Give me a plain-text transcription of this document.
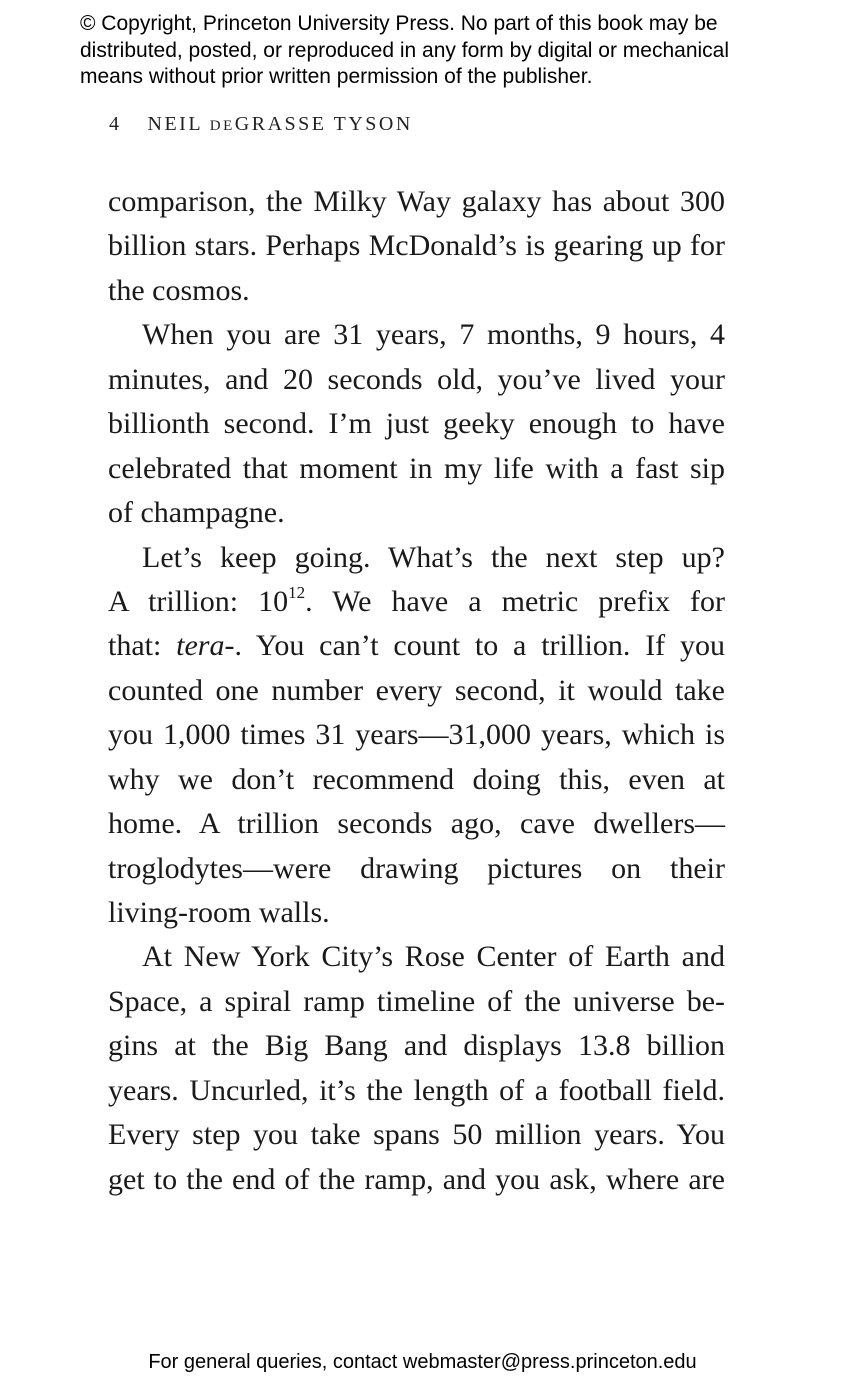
© Copyright, Princeton University Press. No part of this book may be
distributed, posted, or reproduced in any form by digital or mechanical
means without prior written permission of the publisher.
4 NEIL DEGRASSE TYSON
comparison, the Milky Way galaxy has about 300
billion stars. Perhaps McDonald’s is gearing up for
the cosmos.
When you are 31 years, 7 months, 9 hours, 4
minutes, and 20 seconds old, you’ve lived your
billionth second. I’m just geeky enough to have
celebrated that moment in my life with a fast sip
of champagne.
Let’s keep going. What’s the next step up?
A trillion: $10^{12}$. We have a metric prefix for
that: tera-. You can’t count to a trillion. If you
counted one number every second, it would take
you 1,000 times 31 years—31,000 years, which is
why we don’t recommend doing this, even at
home. A trillion seconds ago, cave dwellers—
troglodytes—were drawing pictures on their
living-room walls.
At New York City’s Rose Center of Earth and
Space, a spiral ramp timeline of the universe be-
gins at the Big Bang and displays 13.8 billion
years. Uncurled, it’s the length of a football field.
Every step you take spans 50 million years. You
get to the end of the ramp, and you ask, where are
For general queries, contact webmaster@press.princeton.edu
